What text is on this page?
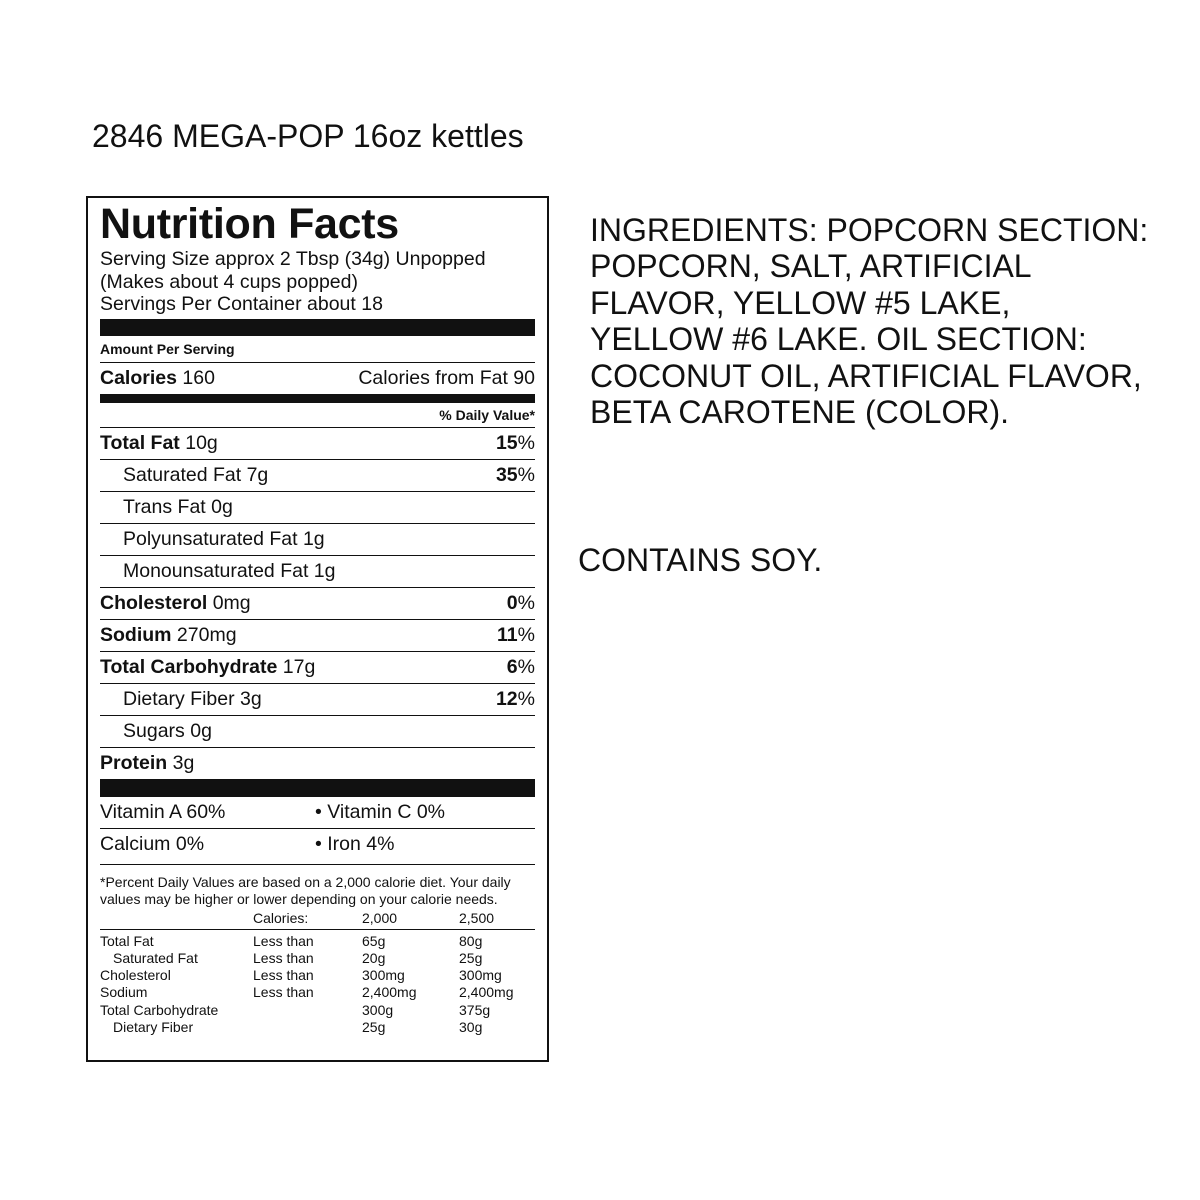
2846 MEGA-POP 16oz kettles
Nutrition Facts
Serving Size approx 2 Tbsp (34g) Unpopped
(Makes about 4 cups popped)
Servings Per Container about 18
Amount Per Serving
Calories 160	Calories from Fat 90
% Daily Value*
Total Fat 10g	15%
Saturated Fat 7g	35%
Trans Fat 0g
Polyunsaturated Fat 1g
Monounsaturated Fat 1g
Cholesterol 0mg	0%
Sodium 270mg	11%
Total Carbohydrate 17g	6%
Dietary Fiber 3g	12%
Sugars 0g
Protein 3g
Vitamin A 60%	• Vitamin C 0%
Calcium 0%	• Iron 4%
*Percent Daily Values are based on a 2,000 calorie diet. Your daily values may be higher or lower depending on your calorie needs.
	Calories:	2,000	2,500
Total Fat	Less than	65g	80g
Saturated Fat	Less than	20g	25g
Cholesterol	Less than	300mg	300mg
Sodium	Less than	2,400mg	2,400mg
Total Carbohydrate		300g	375g
Dietary Fiber		25g	30g
INGREDIENTS: POPCORN SECTION: POPCORN, SALT, ARTIFICIAL FLAVOR, YELLOW #5 LAKE, YELLOW #6 LAKE. OIL SECTION: COCONUT OIL, ARTIFICIAL FLAVOR, BETA CAROTENE (COLOR).
CONTAINS SOY.
